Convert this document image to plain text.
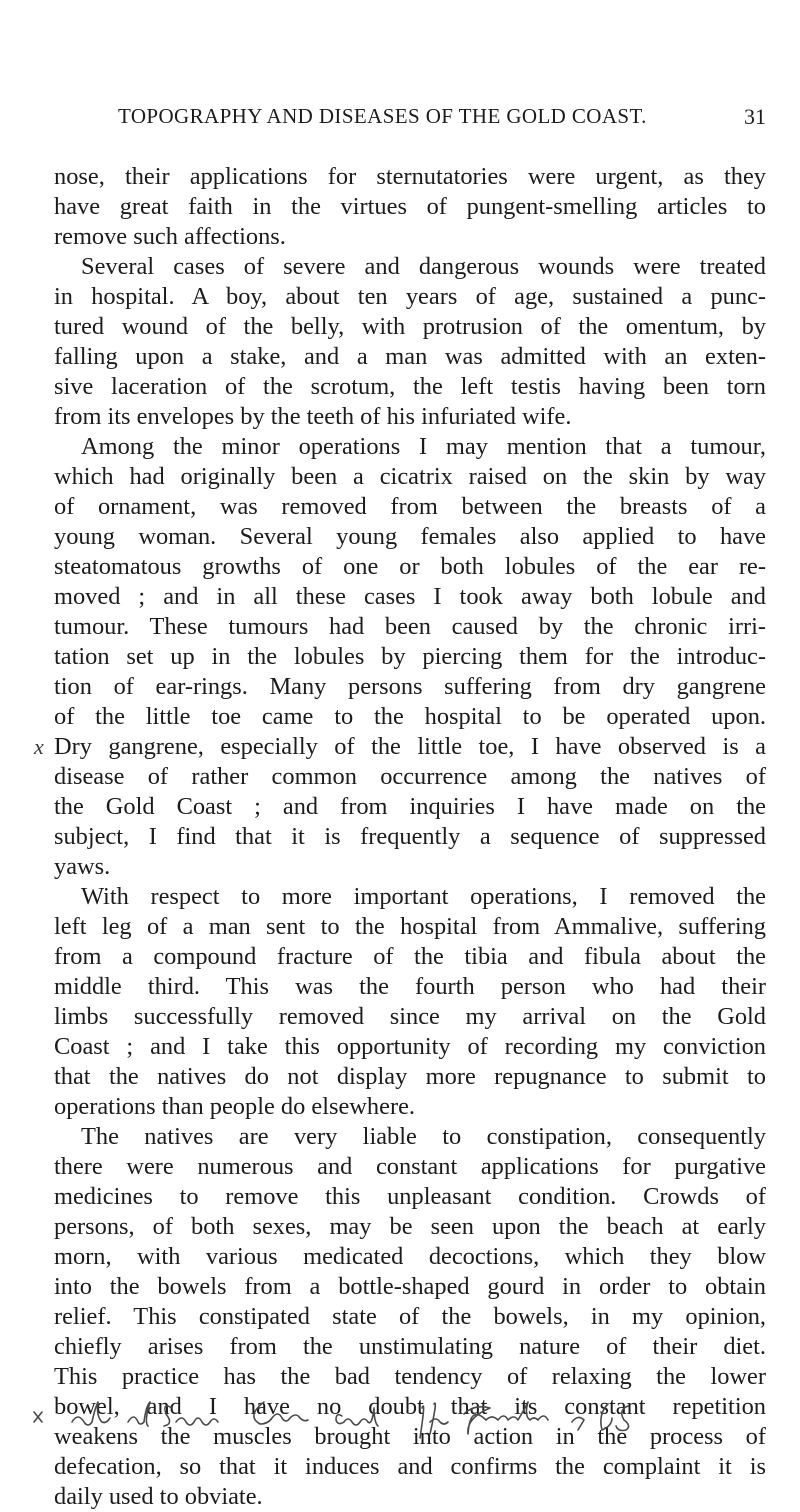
TOPOGRAPHY AND DISEASES OF THE GOLD COAST.	31
nose, their applications for sternutatories were urgent, as they
have great faith in the virtues of pungent-smelling articles to
remove such affections.
Several cases of severe and dangerous wounds were treated
in hospital. A boy, about ten years of age, sustained a punc-
tured wound of the belly, with protrusion of the omentum, by
falling upon a stake, and a man was admitted with an exten-
sive laceration of the scrotum, the left testis having been torn
from its envelopes by the teeth of his infuriated wife.
Among the minor operations I may mention that a tumour,
which had originally been a cicatrix raised on the skin by way
of ornament, was removed from between the breasts of a
young woman. Several young females also applied to have
steatomatous growths of one or both lobules of the ear re-
moved ; and in all these cases I took away both lobule and
tumour. These tumours had been caused by the chronic irri-
tation set up in the lobules by piercing them for the introduc-
tion of ear-rings. Many persons suffering from dry gangrene
of the little toe came to the hospital to be operated upon.
x Dry gangrene, especially of the little toe, I have observed is a
disease of rather common occurrence among the natives of
the Gold Coast ; and from inquiries I have made on the
subject, I find that it is frequently a sequence of suppressed
yaws.
With respect to more important operations, I removed the
left leg of a man sent to the hospital from Ammalive, suffering
from a compound fracture of the tibia and fibula about the
middle third. This was the fourth person who had their
limbs successfully removed since my arrival on the Gold
Coast ; and I take this opportunity of recording my conviction
that the natives do not display more repugnance to submit to
operations than people do elsewhere.
The natives are very liable to constipation, consequently
there were numerous and constant applications for purgative
medicines to remove this unpleasant condition. Crowds of
persons, of both sexes, may be seen upon the beach at early
morn, with various medicated decoctions, which they blow
into the bowels from a bottle-shaped gourd in order to obtain
relief. This constipated state of the bowels, in my opinion,
chiefly arises from the unstimulating nature of their diet.
This practice has the bad tendency of relaxing the lower
bowel, and I have no doubt that its constant repetition
weakens the muscles brought into action in the process of
defecation, so that it induces and confirms the complaint it is
daily used to obviate.
